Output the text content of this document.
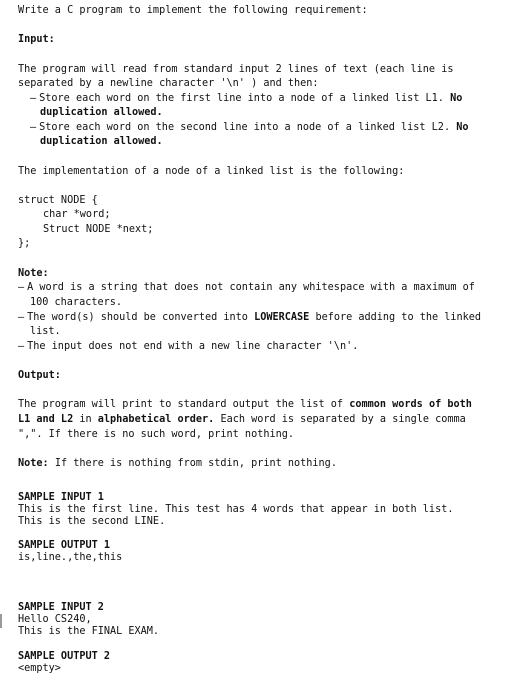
Write a C program to implement the following requirement:
Input:
The program will read from standard input 2 lines of text (each line is
separated by a newline character '\n' ) and then:
– Store each word on the first line into a node of a linked list L1. No
duplication allowed.
– Store each word on the second line into a node of a linked list L2. No
duplication allowed.
The implementation of a node of a linked list is the following:
struct NODE {
char *word;
Struct NODE *next;
};
Note:
– A word is a string that does not contain any whitespace with a maximum of
100 characters.
– The word(s) should be converted into LOWERCASE before adding to the linked
list.
– The input does not end with a new line character '\n'.
Output:
The program will print to standard output the list of common words of both
L1 and L2 in alphabetical order. Each word is separated by a single comma
",". If there is no such word, print nothing.
Note: If there is nothing from stdin, print nothing.
SAMPLE INPUT 1
This is the first line. This test has 4 words that appear in both list.
This is the second LINE.
SAMPLE OUTPUT 1
is,line.,the,this
SAMPLE INPUT 2
Hello CS240,
This is the FINAL EXAM.
SAMPLE OUTPUT 2
<empty>
